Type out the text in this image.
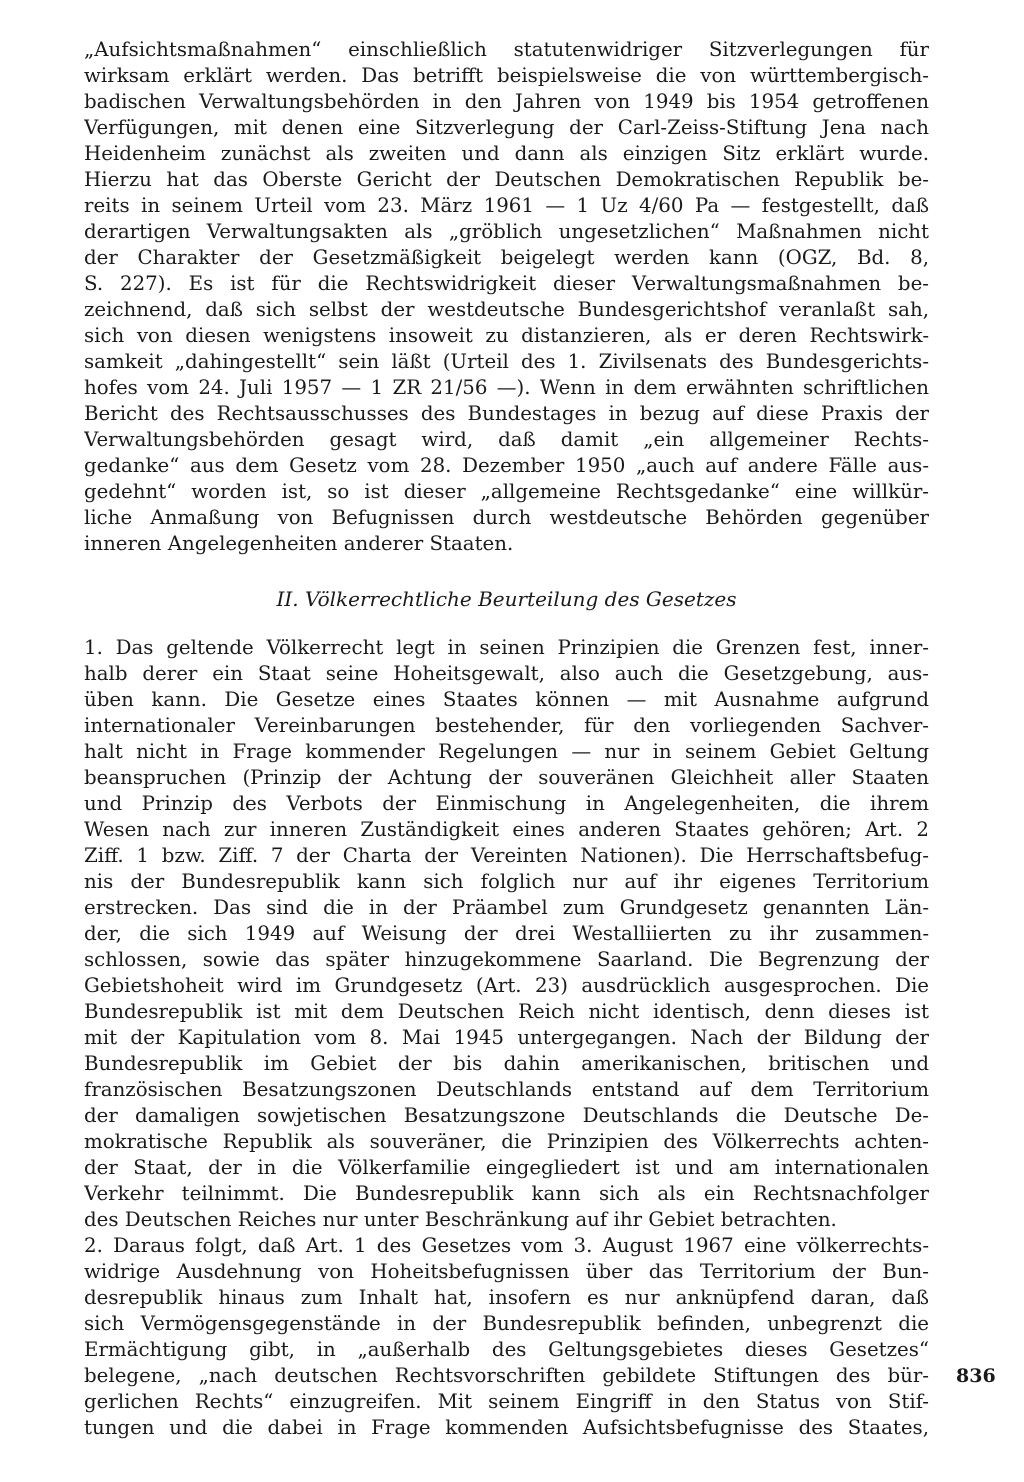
„Aufsichtsmaßnahmen“ einschließlich statutenwidriger Sitzverlegungen für
wirksam erklärt werden. Das betrifft beispielsweise die von württembergisch-
badischen Verwaltungsbehörden in den Jahren von 1949 bis 1954 getroffenen
Verfügungen, mit denen eine Sitzverlegung der Carl-Zeiss-Stiftung Jena nach
Heidenheim zunächst als zweiten und dann als einzigen Sitz erklärt wurde.
Hierzu hat das Oberste Gericht der Deutschen Demokratischen Republik be-
reits in seinem Urteil vom 23. März 1961 — 1 Uz 4/60 Pa — festgestellt, daß
derartigen Verwaltungsakten als „gröblich ungesetzlichen“ Maßnahmen nicht
der Charakter der Gesetzmäßigkeit beigelegt werden kann (OGZ, Bd. 8,
S. 227). Es ist für die Rechtswidrigkeit dieser Verwaltungsmaßnahmen be-
zeichnend, daß sich selbst der westdeutsche Bundesgerichtshof veranlaßt sah,
sich von diesen wenigstens insoweit zu distanzieren, als er deren Rechtswirk-
samkeit „dahingestellt“ sein läßt (Urteil des 1. Zivilsenats des Bundesgerichts-
hofes vom 24. Juli 1957 — 1 ZR 21/56 —). Wenn in dem erwähnten schriftlichen
Bericht des Rechtsausschusses des Bundestages in bezug auf diese Praxis der
Verwaltungsbehörden gesagt wird, daß damit „ein allgemeiner Rechts-
gedanke“ aus dem Gesetz vom 28. Dezember 1950 „auch auf andere Fälle aus-
gedehnt“ worden ist, so ist dieser „allgemeine Rechtsgedanke“ eine willkür-
liche Anmaßung von Befugnissen durch westdeutsche Behörden gegenüber
inneren Angelegenheiten anderer Staaten.
II. Völkerrechtliche Beurteilung des Gesetzes
1. Das geltende Völkerrecht legt in seinen Prinzipien die Grenzen fest, inner-
halb derer ein Staat seine Hoheitsgewalt, also auch die Gesetzgebung, aus-
üben kann. Die Gesetze eines Staates können — mit Ausnahme aufgrund
internationaler Vereinbarungen bestehender, für den vorliegenden Sachver-
halt nicht in Frage kommender Regelungen — nur in seinem Gebiet Geltung
beanspruchen (Prinzip der Achtung der souveränen Gleichheit aller Staaten
und Prinzip des Verbots der Einmischung in Angelegenheiten, die ihrem
Wesen nach zur inneren Zuständigkeit eines anderen Staates gehören; Art. 2
Ziff. 1 bzw. Ziff. 7 der Charta der Vereinten Nationen). Die Herrschaftsbefug-
nis der Bundesrepublik kann sich folglich nur auf ihr eigenes Territorium
erstrecken. Das sind die in der Präambel zum Grundgesetz genannten Län-
der, die sich 1949 auf Weisung der drei Westalliierten zu ihr zusammen-
schlossen, sowie das später hinzugekommene Saarland. Die Begrenzung der
Gebietshoheit wird im Grundgesetz (Art. 23) ausdrücklich ausgesprochen. Die
Bundesrepublik ist mit dem Deutschen Reich nicht identisch, denn dieses ist
mit der Kapitulation vom 8. Mai 1945 untergegangen. Nach der Bildung der
Bundesrepublik im Gebiet der bis dahin amerikanischen, britischen und
französischen Besatzungszonen Deutschlands entstand auf dem Territorium
der damaligen sowjetischen Besatzungszone Deutschlands die Deutsche De-
mokratische Republik als souveräner, die Prinzipien des Völkerrechts achten-
der Staat, der in die Völkerfamilie eingegliedert ist und am internationalen
Verkehr teilnimmt. Die Bundesrepublik kann sich als ein Rechtsnachfolger
des Deutschen Reiches nur unter Beschränkung auf ihr Gebiet betrachten.
2. Daraus folgt, daß Art. 1 des Gesetzes vom 3. August 1967 eine völkerrechts-
widrige Ausdehnung von Hoheitsbefugnissen über das Territorium der Bun-
desrepublik hinaus zum Inhalt hat, insofern es nur anknüpfend daran, daß
sich Vermögensgegenstände in der Bundesrepublik befinden, unbegrenzt die
Ermächtigung gibt, in „außerhalb des Geltungsgebietes dieses Gesetzes“
belegene, „nach deutschen Rechtsvorschriften gebildete Stiftungen des bür-
gerlichen Rechts“ einzugreifen. Mit seinem Eingriff in den Status von Stif-
tungen und die dabei in Frage kommenden Aufsichtsbefugnisse des Staates,
836
